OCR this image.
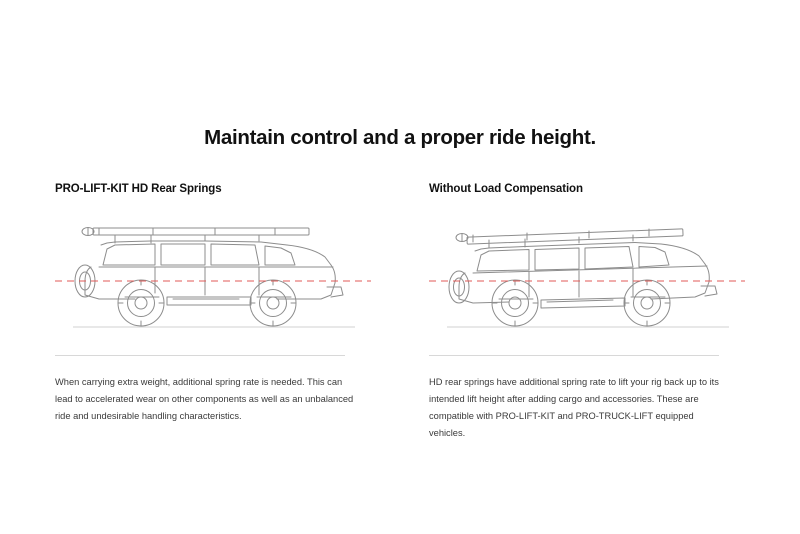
Maintain control and a proper ride height.
PRO-LIFT-KIT HD Rear Springs

When carrying extra weight, additional spring rate is needed. This can lead to accelerated wear on other components as well as an unbalanced ride and undesirable handling characteristics.

Without Load Compensation

HD rear springs have additional spring rate to lift your rig back up to its intended lift height after adding cargo and accessories. These are compatible with PRO-LIFT-KIT and PRO-TRUCK-LIFT equipped vehicles.
